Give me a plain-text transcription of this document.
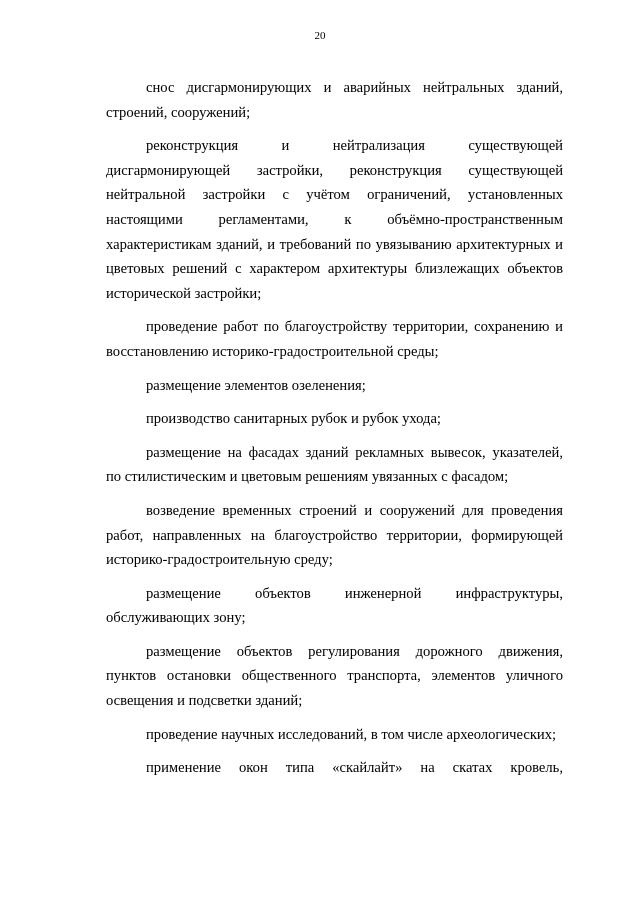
20

снос дисгармонирующих и аварийных нейтральных зданий, строений, сооружений;

реконструкция и нейтрализация существующей дисгармонирующей застройки, реконструкция существующей нейтральной застройки с учётом ограничений, установленных настоящими регламентами, к объёмно-пространственным характеристикам зданий, и требований по увязыванию архитектурных и цветовых решений с характером архитектуры близлежащих объектов исторической застройки;

проведение работ по благоустройству территории, сохранению и восстановлению историко-градостроительной среды;

размещение элементов озеленения;

производство санитарных рубок и рубок ухода;

размещение на фасадах зданий рекламных вывесок, указателей, по стилистическим и цветовым решениям увязанных с фасадом;

возведение временных строений и сооружений для проведения работ, направленных на благоустройство территории, формирующей историко-градостроительную среду;

размещение объектов инженерной инфраструктуры, обслуживающих зону;

размещение объектов регулирования дорожного движения, пунктов остановки общественного транспорта, элементов уличного освещения и подсветки зданий;

проведение научных исследований, в том числе археологических;

применение окон типа «скайлайт» на скатах кровель,
